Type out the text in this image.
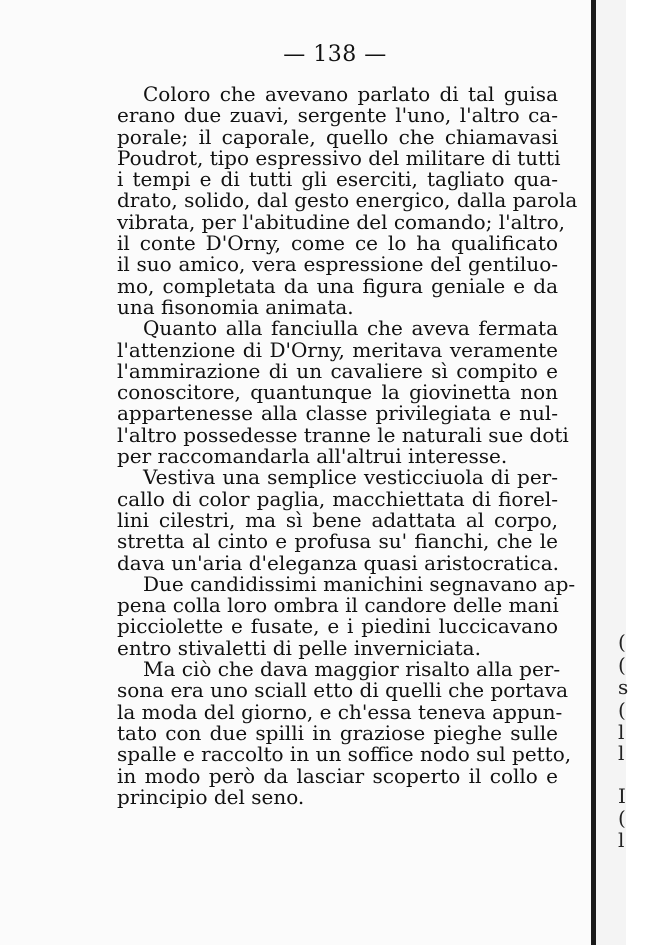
(
(
s
(
l
l
I
(
l
— 138 —
Coloro che avevano parlato di tal guisa
erano due zuavi, sergente l'uno, l'altro ca-
porale; il caporale, quello che chiamavasi
Poudrot, tipo espressivo del militare di tutti
i tempi e di tutti gli eserciti, tagliato qua-
drato, solido, dal gesto energico, dalla parola
vibrata, per l'abitudine del comando; l'altro,
il conte D'Orny, come ce lo ha qualificato
il suo amico, vera espressione del gentiluo-
mo, completata da una figura geniale e da
una fisonomia animata.
Quanto alla fanciulla che aveva fermata
l'attenzione di D'Orny, meritava veramente
l'ammirazione di un cavaliere sì compito e
conoscitore, quantunque la giovinetta non
appartenesse alla classe privilegiata e nul-
l'altro possedesse tranne le naturali sue doti
per raccomandarla all'altrui interesse.
Vestiva una semplice vesticciuola di per-
callo di color paglia, macchiettata di fiorel-
lini cilestri, ma sì bene adattata al corpo,
stretta al cinto e profusa su' fianchi, che le
dava un'aria d'eleganza quasi aristocratica.
Due candidissimi manichini segnavano ap-
pena colla loro ombra il candore delle mani
picciolette e fusate, e i piedini luccicavano
entro stivaletti di pelle inverniciata.
Ma ciò che dava maggior risalto alla per-
sona era uno sciall etto di quelli che portava
la moda del giorno, e ch'essa teneva appun-
tato con due spilli in graziose pieghe sulle
spalle e raccolto in un soffice nodo sul petto,
in modo però da lasciar scoperto il collo e
principio del seno.
